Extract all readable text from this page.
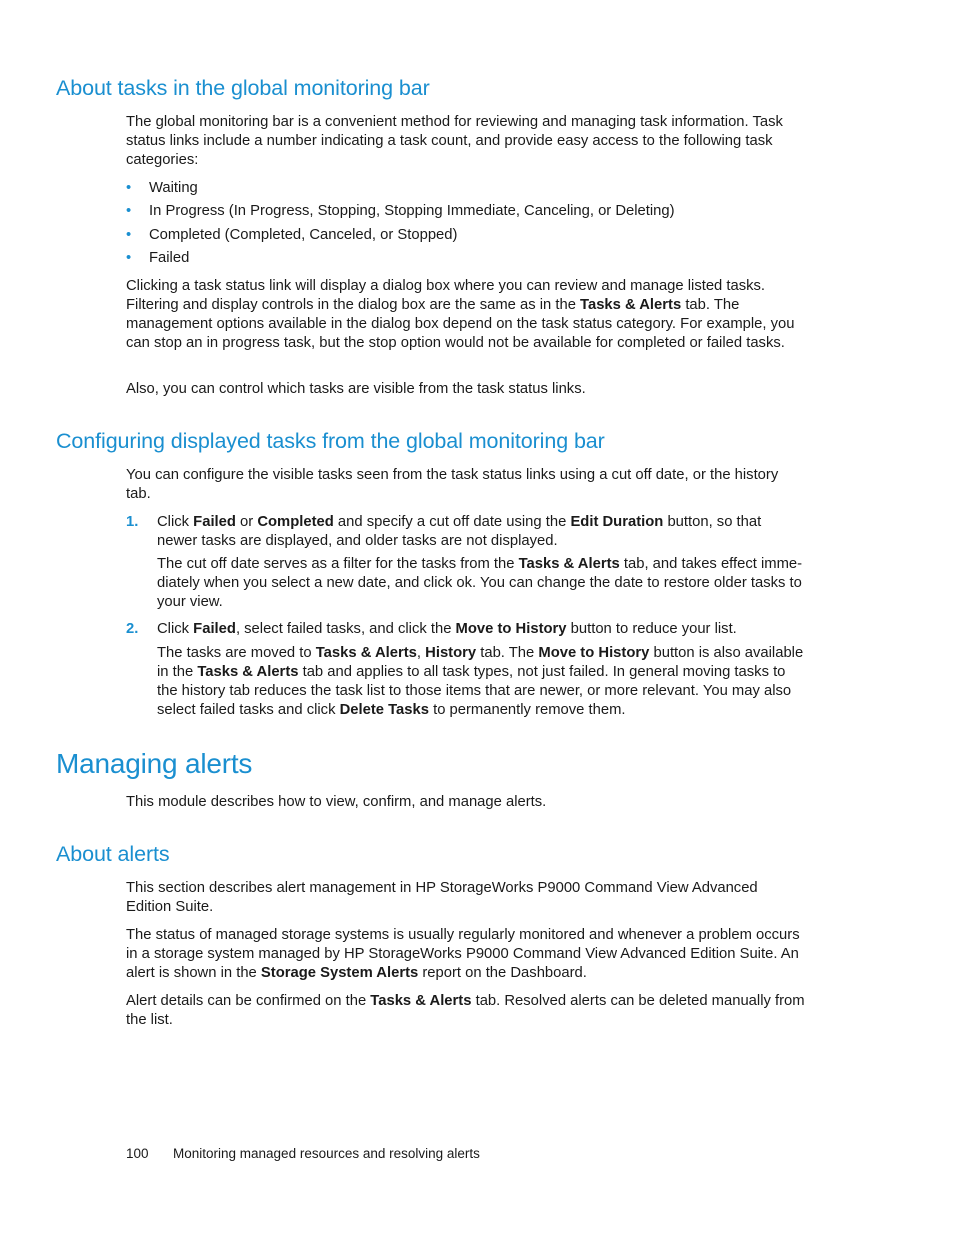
About tasks in the global monitoring bar

The global monitoring bar is a convenient method for reviewing and managing task information. Task status links include a number indicating a task count, and provide easy access to the following task categories:

• Waiting
• In Progress (In Progress, Stopping, Stopping Immediate, Canceling, or Deleting)
• Completed (Completed, Canceled, or Stopped)
• Failed

Clicking a task status link will display a dialog box where you can review and manage listed tasks. Filtering and display controls in the dialog box are the same as in the Tasks & Alerts tab. The management options available in the dialog box depend on the task status category. For example, you can stop an in progress task, but the stop option would not be available for completed or failed tasks.

Also, you can control which tasks are visible from the task status links.

Configuring displayed tasks from the global monitoring bar

You can configure the visible tasks seen from the task status links using a cut off date, or the history tab.

1. Click Failed or Completed and specify a cut off date using the Edit Duration button, so that newer tasks are displayed, and older tasks are not displayed.

The cut off date serves as a filter for the tasks from the Tasks & Alerts tab, and takes effect imme- diately when you select a new date, and click ok. You can change the date to restore older tasks to your view.

2. Click Failed, select failed tasks, and click the Move to History button to reduce your list.

The tasks are moved to Tasks & Alerts, History tab. The Move to History button is also available in the Tasks & Alerts tab and applies to all task types, not just failed. In general moving tasks to the history tab reduces the task list to those items that are newer, or more relevant. You may also select failed tasks and click Delete Tasks to permanently remove them.

Managing alerts

This module describes how to view, confirm, and manage alerts.

About alerts

This section describes alert management in HP StorageWorks P9000 Command View Advanced Edition Suite.

The status of managed storage systems is usually regularly monitored and whenever a problem occurs in a storage system managed by HP StorageWorks P9000 Command View Advanced Edition Suite. An alert is shown in the Storage System Alerts report on the Dashboard.

Alert details can be confirmed on the Tasks & Alerts tab. Resolved alerts can be deleted manually from the list.

100 Monitoring managed resources and resolving alerts
